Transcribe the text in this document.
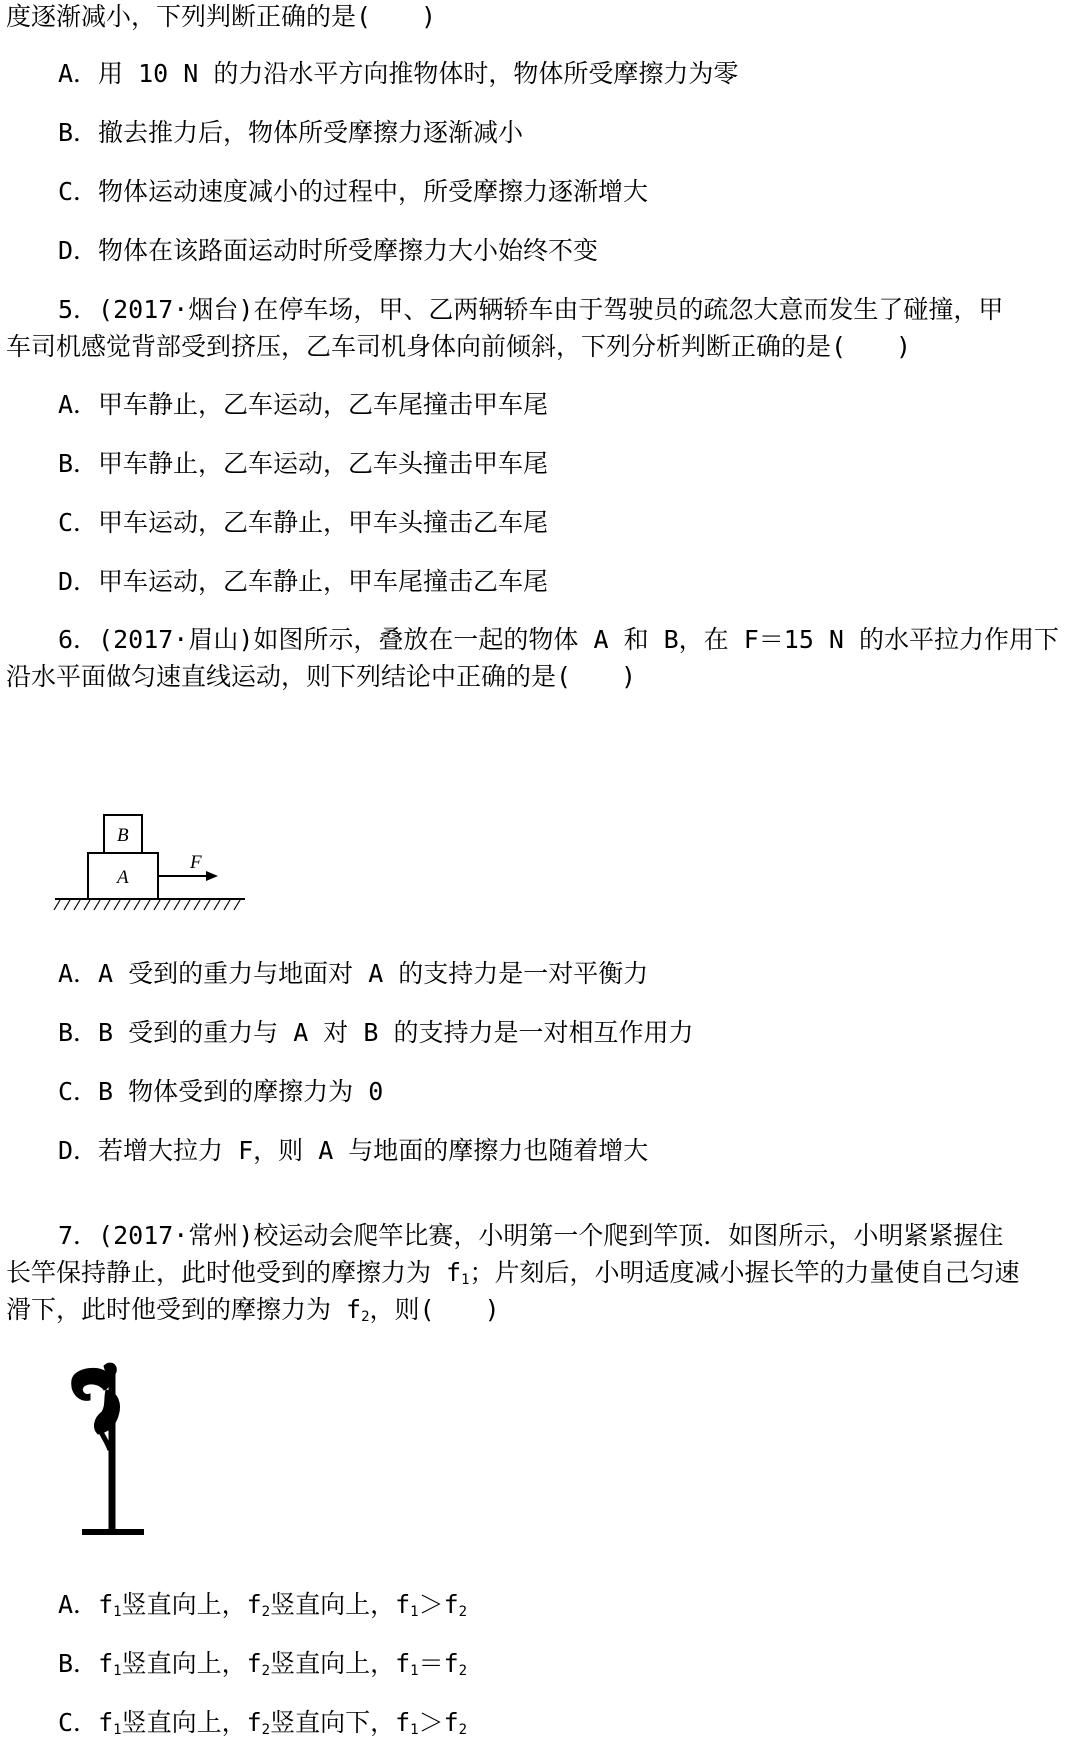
度逐渐减小，下列判断正确的是(　　)
A．用 10 N 的力沿水平方向推物体时，物体所受摩擦力为零
B．撤去推力后，物体所受摩擦力逐渐减小
C．物体运动速度减小的过程中，所受摩擦力逐渐增大
D．物体在该路面运动时所受摩擦力大小始终不变
5．(2017·烟台)在停车场，甲、乙两辆轿车由于驾驶员的疏忽大意而发生了碰撞，甲
车司机感觉背部受到挤压，乙车司机身体向前倾斜，下列分析判断正确的是(　　)
A．甲车静止，乙车运动，乙车尾撞击甲车尾
B．甲车静止，乙车运动，乙车头撞击甲车尾
C．甲车运动，乙车静止，甲车头撞击乙车尾
D．甲车运动，乙车静止，甲车尾撞击乙车尾
6．(2017·眉山)如图所示，叠放在一起的物体 A 和 B，在 F＝15 N 的水平拉力作用下
沿水平面做匀速直线运动，则下列结论中正确的是(　　)
B
A
F
A．A 受到的重力与地面对 A 的支持力是一对平衡力
B．B 受到的重力与 A 对 B 的支持力是一对相互作用力
C．B 物体受到的摩擦力为 0
D．若增大拉力 F，则 A 与地面的摩擦力也随着增大
7．(2017·常州)校运动会爬竿比赛，小明第一个爬到竿顶．如图所示，小明紧紧握住
长竿保持静止，此时他受到的摩擦力为 $f_1$；片刻后，小明适度减小握长竿的力量使自己匀速
滑下，此时他受到的摩擦力为 $f_2$，则(　　)
A．$f_1$竖直向上，$f_2$竖直向上，$f_1>f_2$
B．$f_1$竖直向上，$f_2$竖直向上，$f_1=f_2$
C．$f_1$竖直向上，$f_2$竖直向下，$f_1>f_2$
